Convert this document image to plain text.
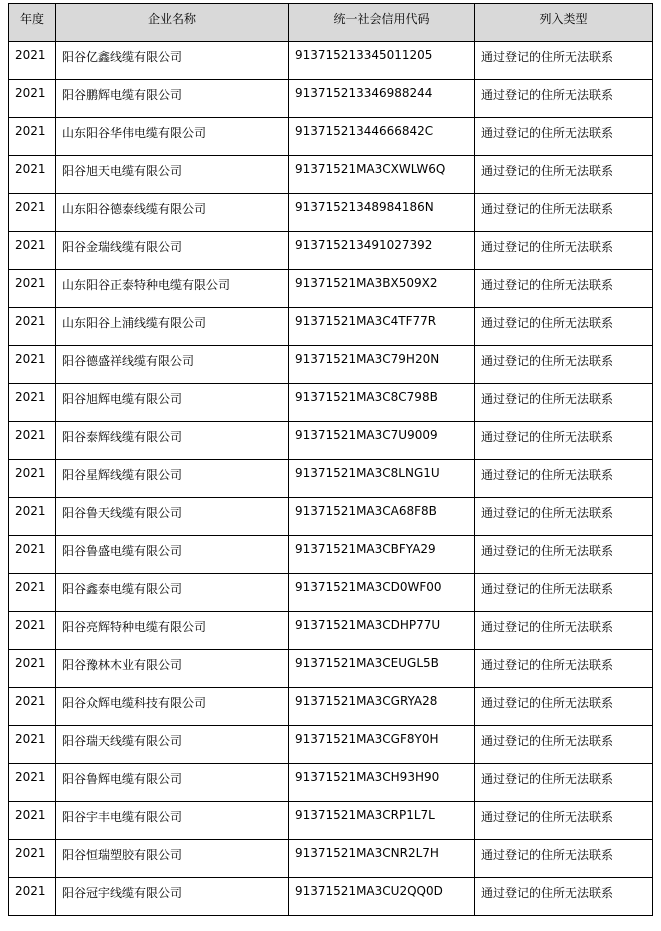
年度	企业名称	统一社会信用代码	列入类型
2021	阳谷亿鑫线缆有限公司	913715213345011205	通过登记的住所无法联系
2021	阳谷鹏辉电缆有限公司	913715213346988244	通过登记的住所无法联系
2021	山东阳谷华伟电缆有限公司	91371521344666842C	通过登记的住所无法联系
2021	阳谷旭天电缆有限公司	91371521MA3CXWLW6Q	通过登记的住所无法联系
2021	山东阳谷德泰线缆有限公司	91371521348984186N	通过登记的住所无法联系
2021	阳谷金瑞线缆有限公司	913715213491027392	通过登记的住所无法联系
2021	山东阳谷正泰特种电缆有限公司	91371521MA3BX509X2	通过登记的住所无法联系
2021	山东阳谷上浦线缆有限公司	91371521MA3C4TF77R	通过登记的住所无法联系
2021	阳谷德盛祥线缆有限公司	91371521MA3C79H20N	通过登记的住所无法联系
2021	阳谷旭辉电缆有限公司	91371521MA3C8C798B	通过登记的住所无法联系
2021	阳谷泰辉线缆有限公司	91371521MA3C7U9009	通过登记的住所无法联系
2021	阳谷星辉线缆有限公司	91371521MA3C8LNG1U	通过登记的住所无法联系
2021	阳谷鲁天线缆有限公司	91371521MA3CA68F8B	通过登记的住所无法联系
2021	阳谷鲁盛电缆有限公司	91371521MA3CBFYA29	通过登记的住所无法联系
2021	阳谷鑫泰电缆有限公司	91371521MA3CD0WF00	通过登记的住所无法联系
2021	阳谷亮辉特种电缆有限公司	91371521MA3CDHP77U	通过登记的住所无法联系
2021	阳谷豫林木业有限公司	91371521MA3CEUGL5B	通过登记的住所无法联系
2021	阳谷众辉电缆科技有限公司	91371521MA3CGRYA28	通过登记的住所无法联系
2021	阳谷瑞天线缆有限公司	91371521MA3CGF8Y0H	通过登记的住所无法联系
2021	阳谷鲁辉电缆有限公司	91371521MA3CH93H90	通过登记的住所无法联系
2021	阳谷宇丰电缆有限公司	91371521MA3CRP1L7L	通过登记的住所无法联系
2021	阳谷恒瑞塑胶有限公司	91371521MA3CNR2L7H	通过登记的住所无法联系
2021	阳谷冠宇线缆有限公司	91371521MA3CU2QQ0D	通过登记的住所无法联系
